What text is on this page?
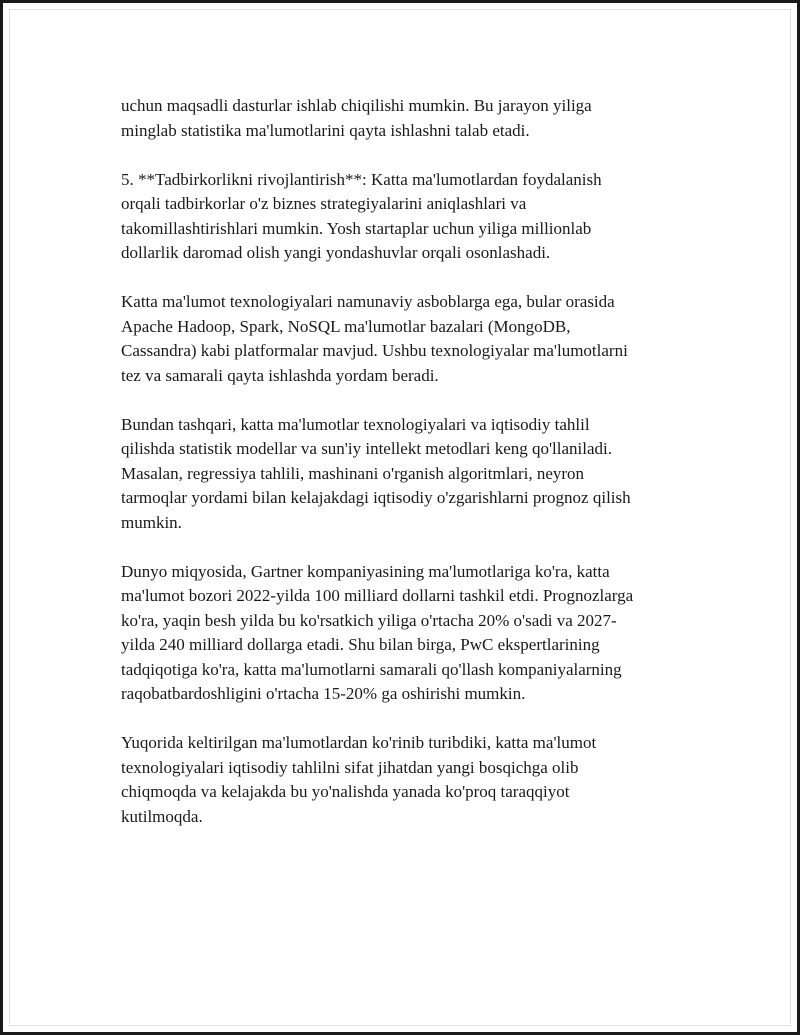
uchun maqsadli dasturlar ishlab chiqilishi mumkin. Bu jarayon yiliga
minglab statistika ma'lumotlarini qayta ishlashni talab etadi.

5. **Tadbirkorlikni rivojlantirish**: Katta ma'lumotlardan foydalanish
orqali tadbirkorlar o'z biznes strategiyalarini aniqlashlari va
takomillashtirishlari mumkin. Yosh startaplar uchun yiliga millionlab
dollarlik daromad olish yangi yondashuvlar orqali osonlashadi.

Katta ma'lumot texnologiyalari namunaviy asboblarga ega, bular orasida
Apache Hadoop, Spark, NoSQL ma'lumotlar bazalari (MongoDB,
Cassandra) kabi platformalar mavjud. Ushbu texnologiyalar ma'lumotlarni
tez va samarali qayta ishlashda yordam beradi.

Bundan tashqari, katta ma'lumotlar texnologiyalari va iqtisodiy tahlil
qilishda statistik modellar va sun'iy intellekt metodlari keng qo'llaniladi.
Masalan, regressiya tahlili, mashinani o'rganish algoritmlari, neyron
tarmoqlar yordami bilan kelajakdagi iqtisodiy o'zgarishlarni prognoz qilish
mumkin.

Dunyo miqyosida, Gartner kompaniyasining ma'lumotlariga ko'ra, katta
ma'lumot bozori 2022-yilda 100 milliard dollarni tashkil etdi. Prognozlarga
ko'ra, yaqin besh yilda bu ko'rsatkich yiliga o'rtacha 20% o'sadi va 2027-
yilda 240 milliard dollarga etadi. Shu bilan birga, PwC ekspertlarining
tadqiqotiga ko'ra, katta ma'lumotlarni samarali qo'llash kompaniyalarning
raqobatbardoshligini o'rtacha 15-20% ga oshirishi mumkin.

Yuqorida keltirilgan ma'lumotlardan ko'rinib turibdiki, katta ma'lumot
texnologiyalari iqtisodiy tahlilni sifat jihatdan yangi bosqichga olib
chiqmoqda va kelajakda bu yo'nalishda yanada ko'proq taraqqiyot
kutilmoqda.
